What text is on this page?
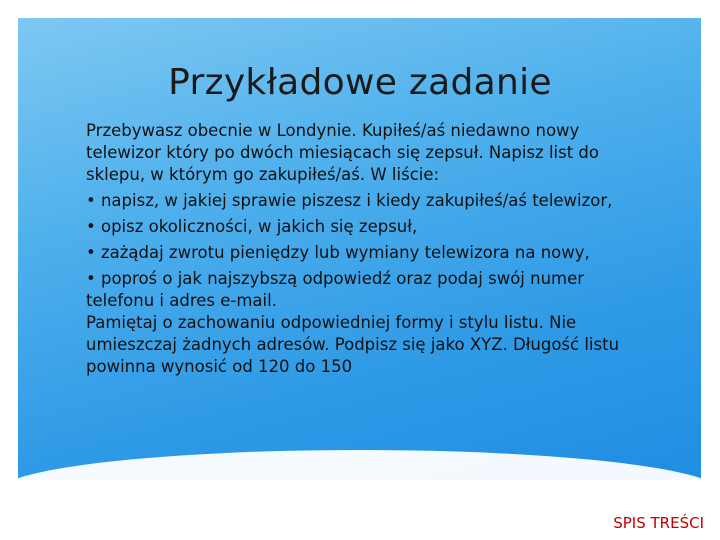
Przykładowe zadanie

Przebywasz obecnie w Londynie. Kupiłeś/aś niedawno nowy telewizor który po dwóch miesiącach się zepsuł. Napisz list do sklepu, w którym go zakupiłeś/aś. W liście:

• napisz, w jakiej sprawie piszesz i kiedy zakupiłeś/aś telewizor,

• opisz okoliczności, w jakich się zepsuł,

• zażądaj zwrotu pieniędzy lub wymiany telewizora na nowy,

• poproś o jak najszybszą odpowiedź oraz podaj swój numer telefonu i adres e-mail.

Pamiętaj o zachowaniu odpowiedniej formy i stylu listu. Nie umieszczaj żadnych adresów. Podpisz się jako XYZ. Długość listu powinna wynosić od 120 do 150

SPIS TREŚCI
